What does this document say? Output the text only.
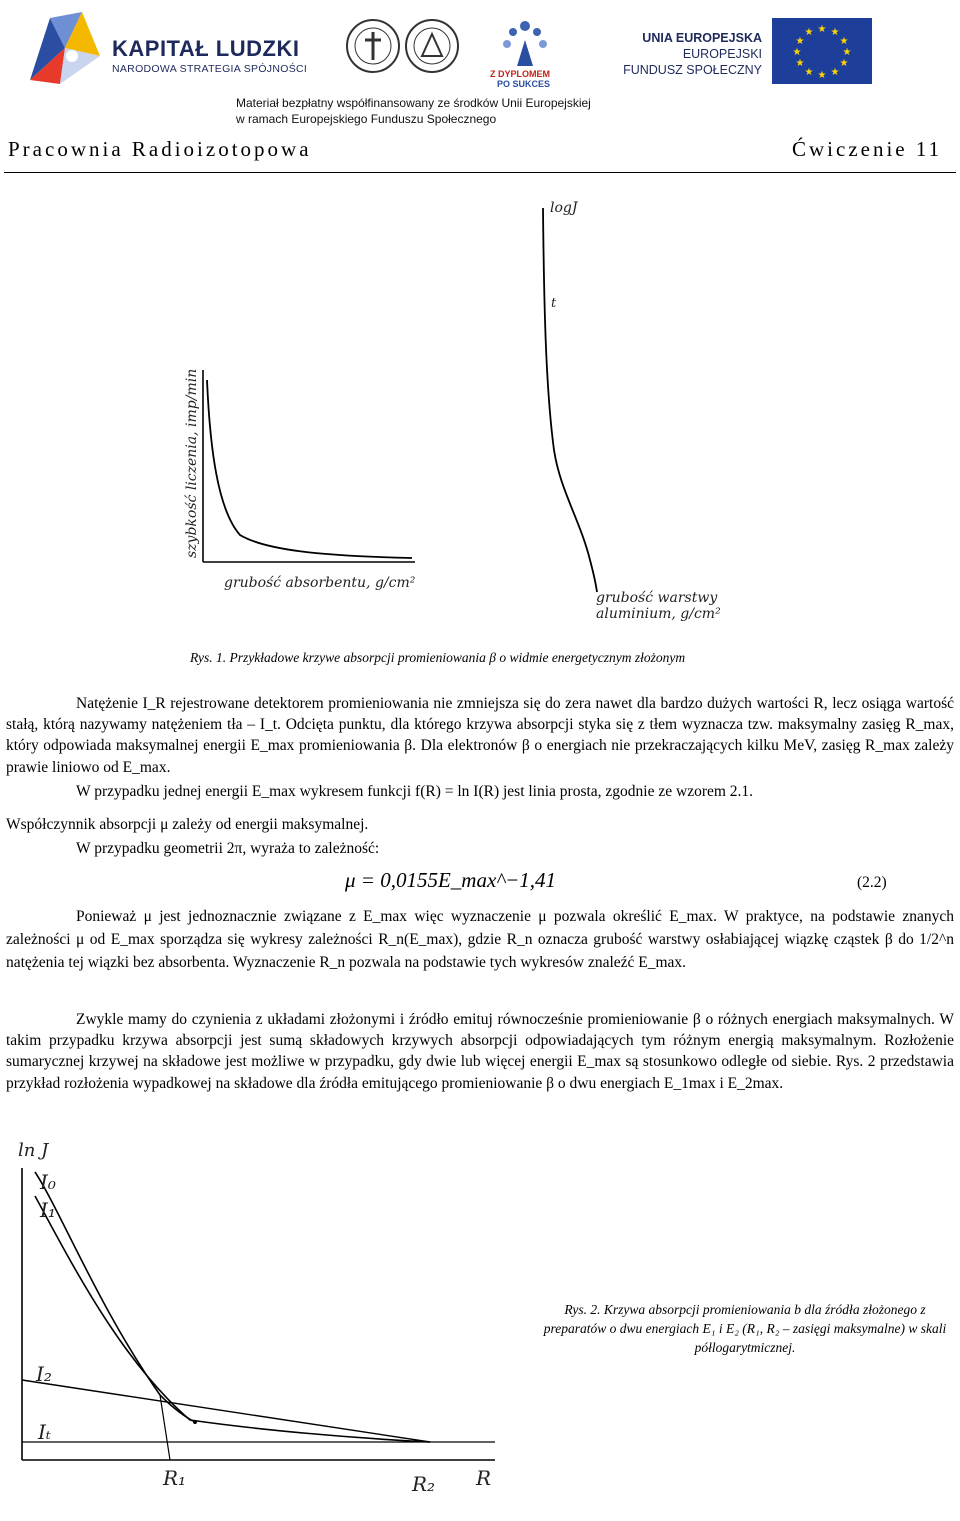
KAPITAŁ LUDZKI
NARODOWA STRATEGIA SPÓJNOŚCI	Z DYPLOMEM
PO SUKCES
UNIA EUROPEJSKA
EUROPEJSKI
FUNDUSZ SPOŁECZNY
★ ★
★
★
★
★
★
★
★
★
★
★
Materiał bezpłatny współfinansowany ze środków Unii Europejskiej
w ramach Europejskiego Funduszu Społecznego
Pracownia Radioizotopowa	Ćwiczenie 11
szybkość liczenia, imp/min
grubość absorbentu, g/cm²
logJ
t
grubość warstwy
aluminium, g/cm²
Rys. 1. Przykładowe krzywe absorpcji promieniowania β o widmie energetycznym złożonym
Natężenie I_R rejestrowane detektorem promieniowania nie zmniejsza się do zera nawet dla bardzo dużych wartości R, lecz osiąga wartość stałą, którą nazywamy natężeniem tła – I_t. Odcięta punktu, dla którego krzywa absorpcji styka się z tłem wyznacza tzw. maksymalny zasięg R_max, który odpowiada maksymalnej energii E_max promieniowania β. Dla elektronów β o energiach nie przekraczających kilku MeV, zasięg R_max zależy prawie liniowo od E_max.
W przypadku jednej energii E_max wykresem funkcji f(R) = ln I(R) jest linia prosta, zgodnie ze wzorem 2.1.
Współczynnik absorpcji μ zależy od energii maksymalnej.
W przypadku geometrii 2π, wyraża to zależność:
μ = 0,0155E_max^−1,41	(2.2)
Ponieważ μ jest jednoznacznie związane z E_max więc wyznaczenie μ pozwala określić E_max. W praktyce, na podstawie znanych zależności μ od E_max sporządza się wykresy zależności R_n(E_max), gdzie R_n oznacza grubość warstwy osłabiającej wiązkę cząstek β do 1/2^n natężenia tej wiązki bez absorbenta. Wyznaczenie R_n pozwala na podstawie tych wykresów znaleźć E_max.
Zwykle mamy do czynienia z układami złożonymi i źródło emituj równocześnie promieniowanie β o różnych energiach maksymalnych. W takim przypadku krzywa absorpcji jest sumą składowych krzywych absorpcji odpowiadających tym różnym energią maksymalnym. Rozłożenie sumarycznej krzywej na składowe jest możliwe w przypadku, gdy dwie lub więcej energii E_max są stosunkowo odległe od siebie. Rys. 2 przedstawia przykład rozłożenia wypadkowej na składowe dla źródła emitującego promieniowanie β o dwu energiach E_1max i E_2max.
ln J
I₀
I₁
I₂
Iₜ
R₁	R₂ R
Rys. 2. Krzywa absorpcji promieniowania b dla źródła złożonego z preparatów o dwu energiach E₁ i E₂ (R₁, R₂ – zasięgi maksymalne) w skali półlogarytmicznej.
